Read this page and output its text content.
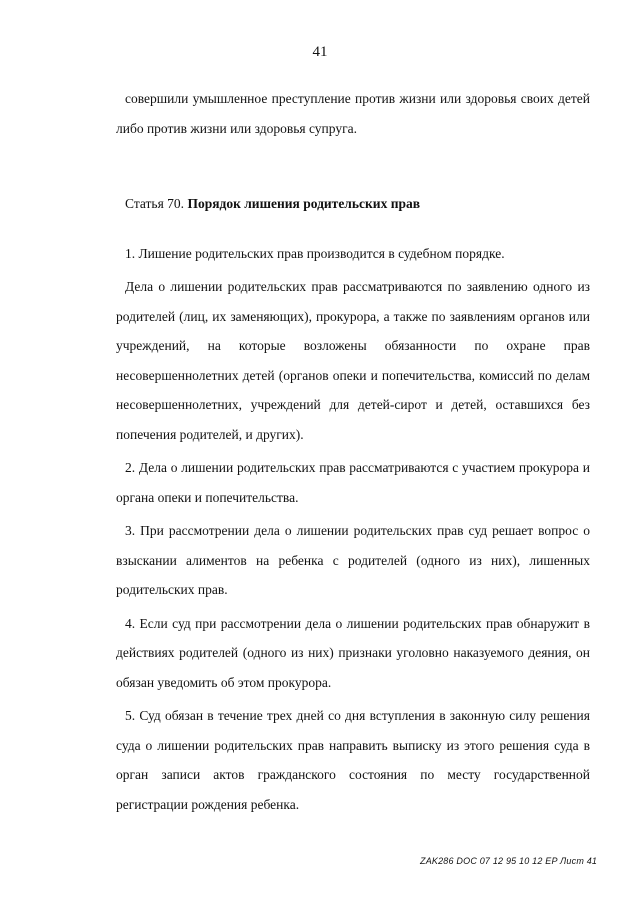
41

совершили умышленное преступление против жизни или здоровья своих детей

либо против жизни или здоровья супруга.

Статья 70. Порядок лишения родительских прав

1. Лишение родительских прав производится в судебном порядке.

Дела о лишении родительских прав рассматриваются по заявлению одного из родителей (лиц, их заменяющих), прокурора, а также по заявлениям органов или учреждений, на которые возложены обязанности по охране прав несовершеннолетних детей (органов опеки и попечительства, комиссий по делам несовершеннолетних, учреждений для детей-сирот и детей, оставшихся без попечения родителей, и других).

2. Дела о лишении родительских прав рассматриваются с участием прокурора и органа опеки и попечительства.

3. При рассмотрении дела о лишении родительских прав суд решает вопрос о взыскании алиментов на ребенка с родителей (одного из них), лишенных родительских прав.

4. Если суд при рассмотрении дела о лишении родительских прав обнаружит в действиях родителей (одного из них) признаки уголовно наказуемого деяния, он обязан уведомить об этом прокурора.

5. Суд обязан в течение трех дней со дня вступления в законную силу решения суда о лишении родительских прав направить выписку из этого решения суда в орган записи актов гражданского состояния по месту государственной регистрации рождения ребенка.

ZAK286 DOC 07 12 95 10 12 EP Лист 41
